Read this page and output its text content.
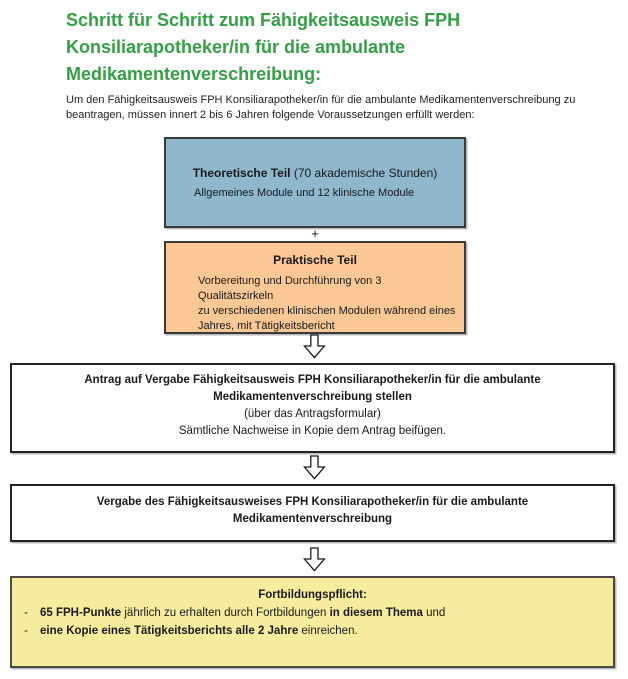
Schritt für Schritt zum Fähigkeitsausweis FPH
Konsiliarapotheker/in für die ambulante
Medikamentenverschreibung:
Um den Fähigkeitsausweis FPH Konsiliarapotheker/in für die ambulante Medikamentenverschreibung zu
beantragen, müssen innert 2 bis 6 Jahren folgende Voraussetzungen erfüllt werden:
Theoretische Teil (70 akademische Stunden)
Allgemeines Module und 12 klinische Module
+
Praktische Teil
Vorbereitung und Durchführung von 3 Qualitätszirkeln
zu verschiedenen klinischen Modulen während eines
Jahres, mit Tätigkeitsbericht
Antrag auf Vergabe Fähigkeitsausweis FPH Konsiliarapotheker/in für die ambulante
Medikamentenverschreibung stellen
(über das Antragsformular)
Sämtliche Nachweise in Kopie dem Antrag beifügen.
Vergabe des Fähigkeitsausweises FPH Konsiliarapotheker/in für die ambulante
Medikamentenverschreibung
Fortbildungspflicht:
-	65 FPH-Punkte jährlich zu erhalten durch Fortbildungen in diesem Thema und
-	eine Kopie eines Tätigkeitsberichts alle 2 Jahre einreichen.
